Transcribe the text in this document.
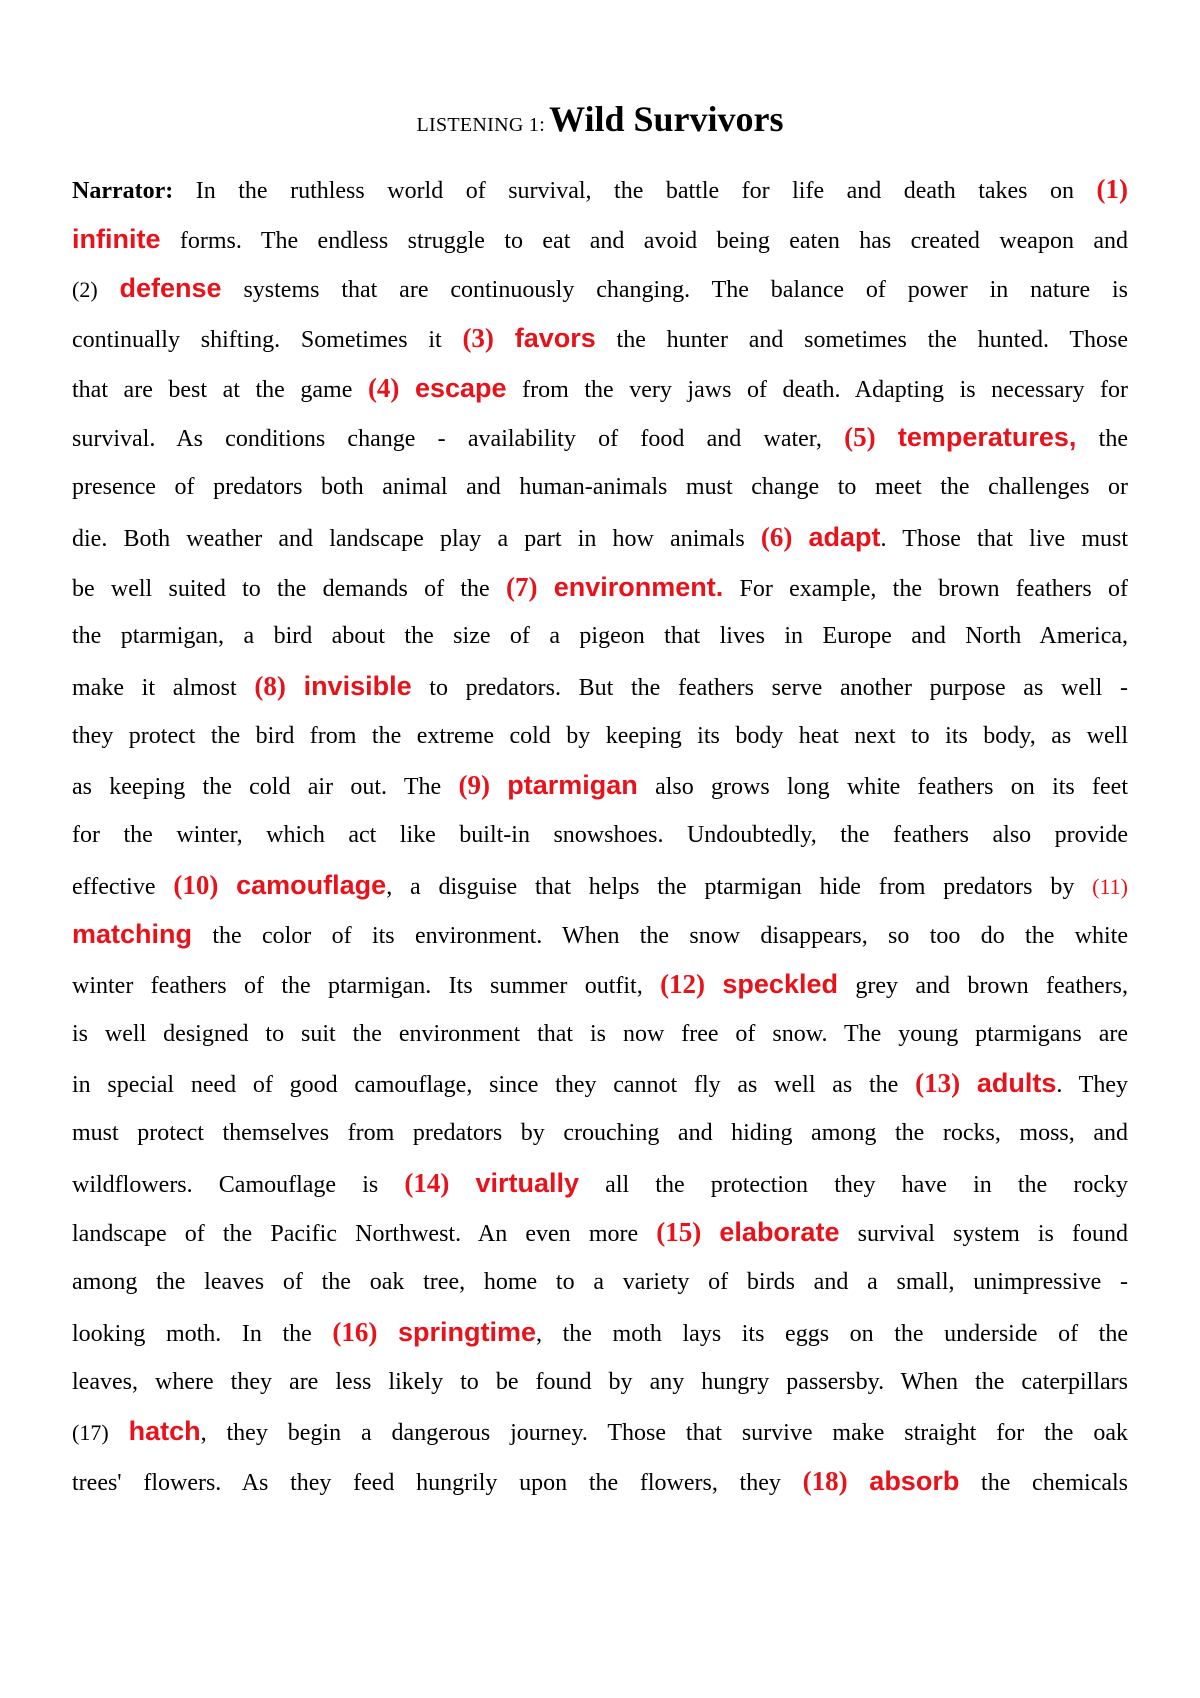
LISTENING 1: Wild Survivors
Narrator: In the ruthless world of survival, the battle for life and death takes on (1)
infinite forms. The endless struggle to eat and avoid being eaten has created weapon and
(2) defense systems that are continuously changing. The balance of power in nature is
continually shifting. Sometimes it (3) favors the hunter and sometimes the hunted. Those
that are best at the game (4) escape from the very jaws of death. Adapting is necessary for
survival. As conditions change - availability of food and water, (5) temperatures, the
presence of predators both animal and human-animals must change to meet the challenges or
die. Both weather and landscape play a part in how animals (6) adapt. Those that live must
be well suited to the demands of the (7) environment. For example, the brown feathers of
the ptarmigan, a bird about the size of a pigeon that lives in Europe and North America,
make it almost (8) invisible to predators. But the feathers serve another purpose as well -
they protect the bird from the extreme cold by keeping its body heat next to its body, as well
as keeping the cold air out. The (9) ptarmigan also grows long white feathers on its feet
for the winter, which act like built-in snowshoes. Undoubtedly, the feathers also provide
effective (10) camouflage, a disguise that helps the ptarmigan hide from predators by (11)
matching the color of its environment. When the snow disappears, so too do the white
winter feathers of the ptarmigan. Its summer outfit, (12) speckled grey and brown feathers,
is well designed to suit the environment that is now free of snow. The young ptarmigans are
in special need of good camouflage, since they cannot fly as well as the (13) adults. They
must protect themselves from predators by crouching and hiding among the rocks, moss, and
wildflowers. Camouflage is (14) virtually all the protection they have in the rocky
landscape of the Pacific Northwest. An even more (15) elaborate survival system is found
among the leaves of the oak tree, home to a variety of birds and a small, unimpressive -
looking moth. In the (16) springtime, the moth lays its eggs on the underside of the
leaves, where they are less likely to be found by any hungry passersby. When the caterpillars
(17) hatch, they begin a dangerous journey. Those that survive make straight for the oak
trees' flowers. As they feed hungrily upon the flowers, they (18) absorb the chemicals
